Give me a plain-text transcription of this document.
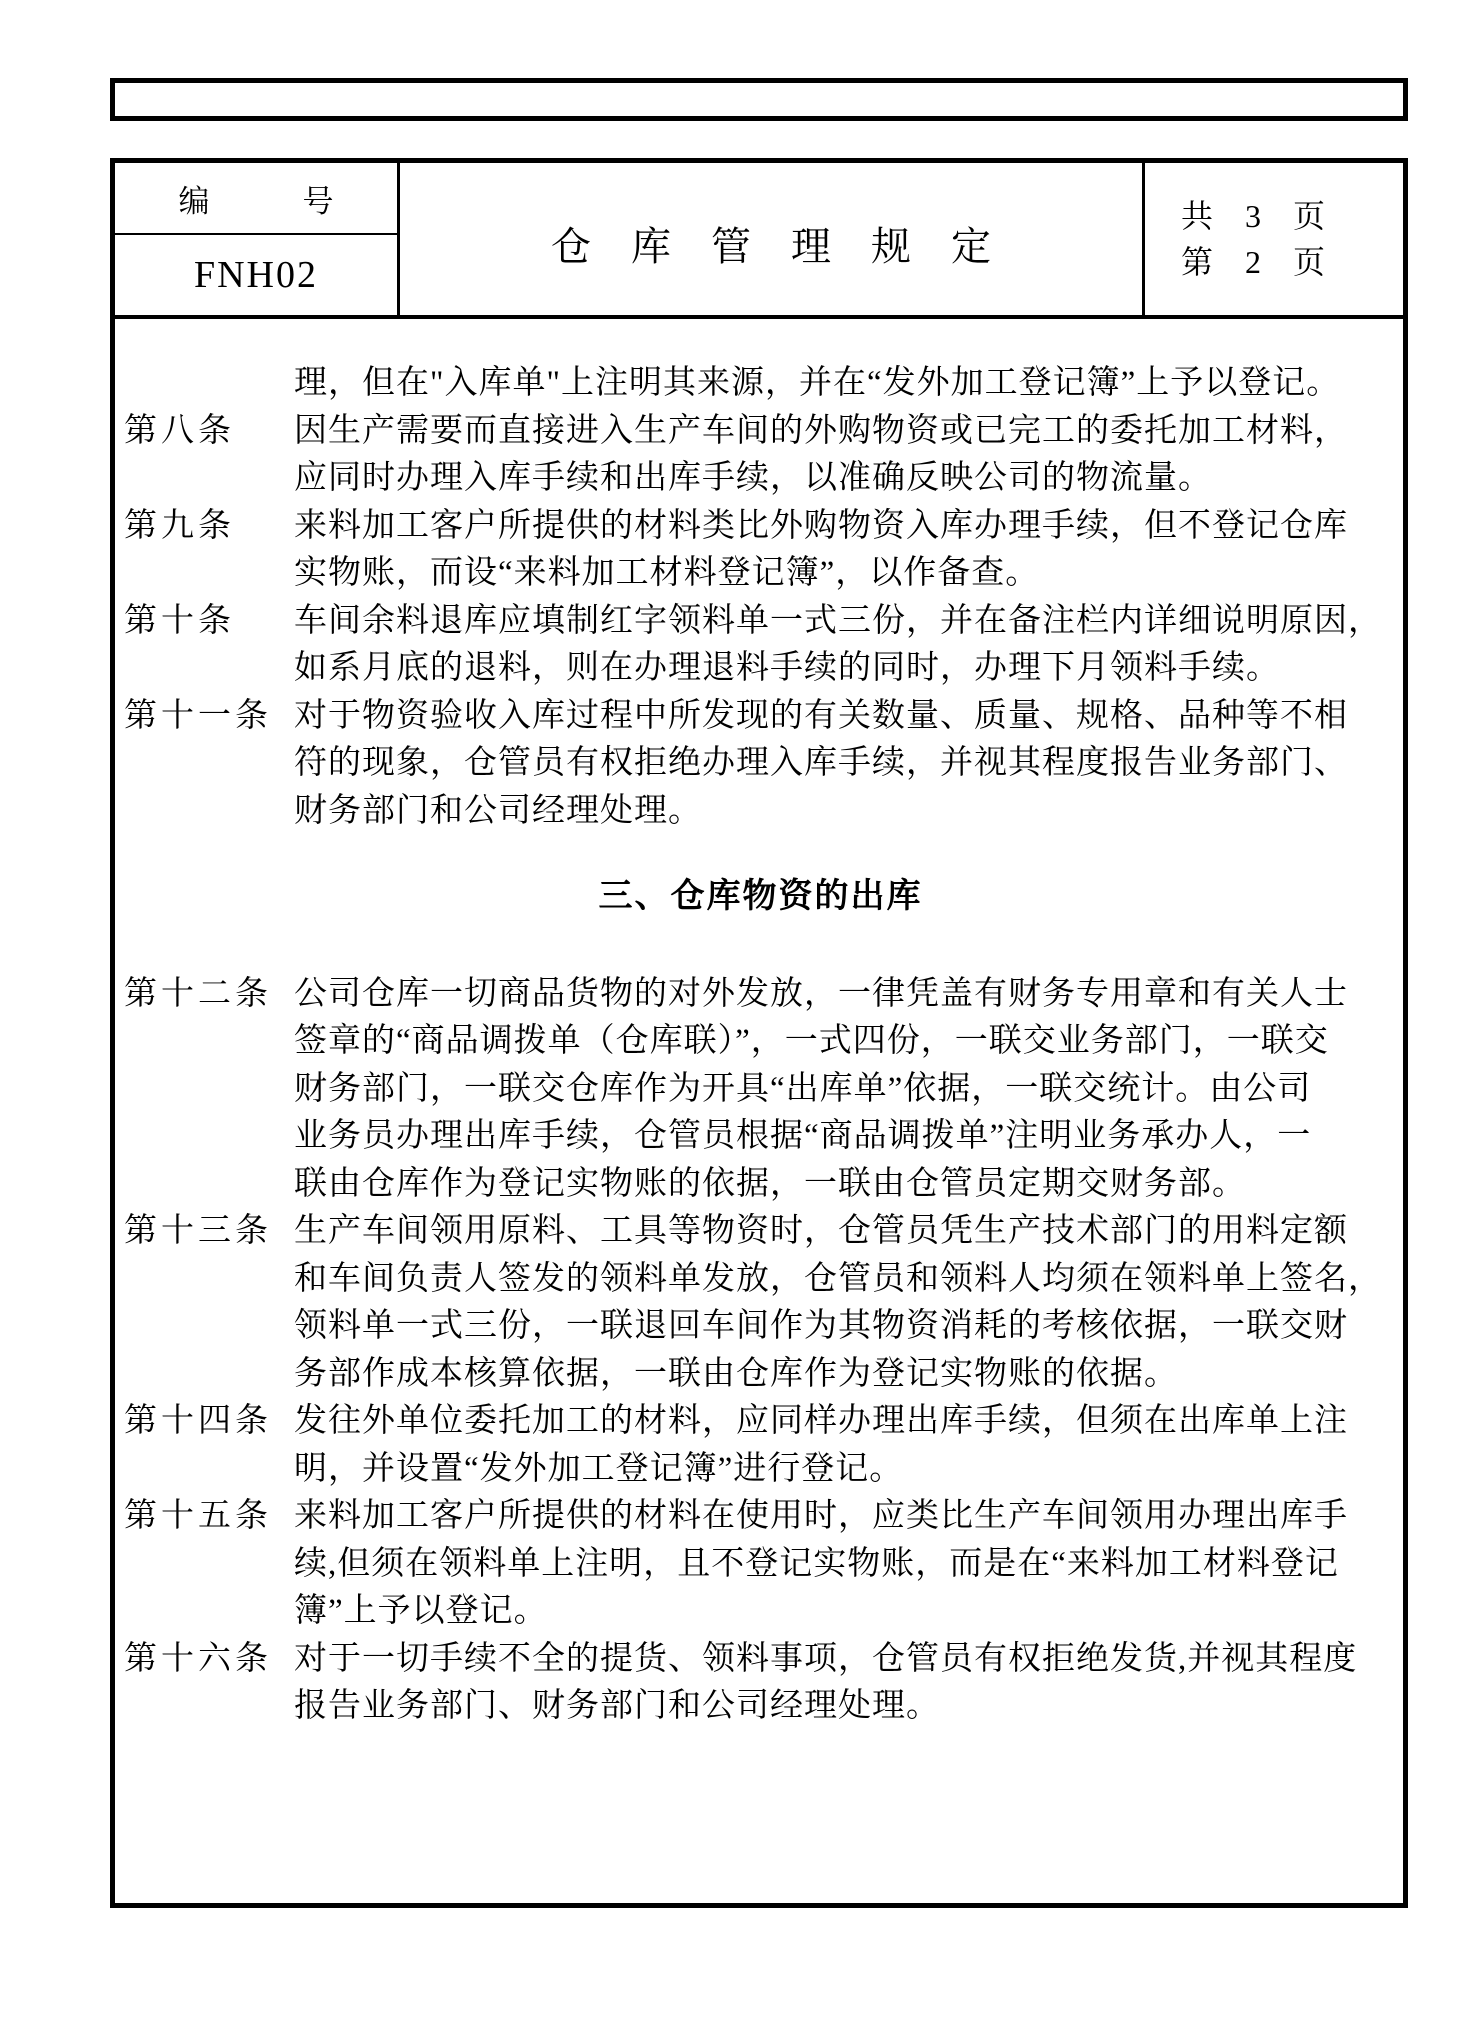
编　　　号
FNH02
仓　库　管　理　规　定
共　3　页
第　2　页
理，但在"入库单"上注明其来源，并在“发外加工登记簿”上予以登记。
第八条	因生产需要而直接进入生产车间的外购物资或已完工的委托加工材料，
应同时办理入库手续和出库手续，以准确反映公司的物流量。
第九条	来料加工客户所提供的材料类比外购物资入库办理手续，但不登记仓库
实物账，而设“来料加工材料登记簿”，以作备查。
第十条	车间余料退库应填制红字领料单一式三份，并在备注栏内详细说明原因，
如系月底的退料，则在办理退料手续的同时，办理下月领料手续。
第十一条 对于物资验收入库过程中所发现的有关数量、质量、规格、品种等不相
符的现象，仓管员有权拒绝办理入库手续，并视其程度报告业务部门、
财务部门和公司经理处理。
三、仓库物资的出库
第十二条 公司仓库一切商品货物的对外发放，一律凭盖有财务专用章和有关人士
签章的“商品调拨单（仓库联）”，一式四份，一联交业务部门，一联交
财务部门，一联交仓库作为开具“出库单”依据，一联交统计。由公司
业务员办理出库手续，仓管员根据“商品调拨单”注明业务承办人，一
联由仓库作为登记实物账的依据，一联由仓管员定期交财务部。
第十三条 生产车间领用原料、工具等物资时，仓管员凭生产技术部门的用料定额
和车间负责人签发的领料单发放，仓管员和领料人均须在领料单上签名，
领料单一式三份，一联退回车间作为其物资消耗的考核依据，一联交财
务部作成本核算依据，一联由仓库作为登记实物账的依据。
第十四条 发往外单位委托加工的材料，应同样办理出库手续，但须在出库单上注
明，并设置“发外加工登记簿”进行登记。
第十五条 来料加工客户所提供的材料在使用时，应类比生产车间领用办理出库手
续,但须在领料单上注明，且不登记实物账，而是在“来料加工材料登记
簿”上予以登记。
第十六条 对于一切手续不全的提货、领料事项，仓管员有权拒绝发货,并视其程度
报告业务部门、财务部门和公司经理处理。
